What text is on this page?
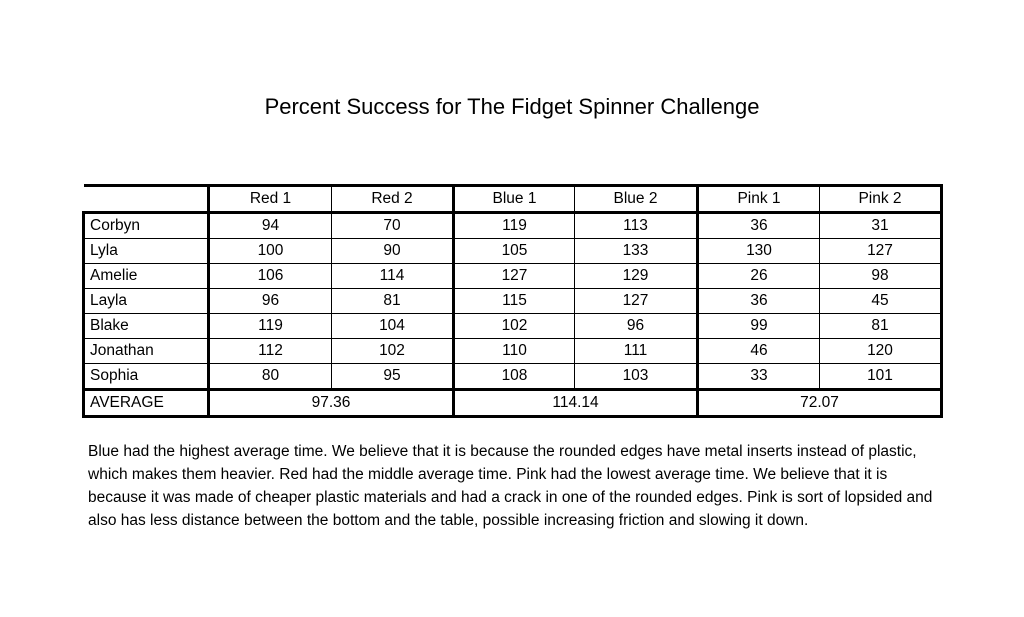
Percent Success for The Fidget Spinner Challenge
	Red 1	Red 2	Blue 1	Blue 2	Pink 1	Pink 2
Corbyn	94	70	119	113	36	31
Lyla	100	90	105	133	130	127
Amelie	106	114	127	129	26	98
Layla	96	81	115	127	36	45
Blake	119	104	102	96	99	81
Jonathan	112	102	110	111	46	120
Sophia	80	95	108	103	33	101
AVERAGE	97.36		114.14		72.07	
Blue had the highest average time. We believe that it is because the rounded edges have metal inserts instead of plastic, which makes them heavier. Red had the middle average time. Pink had the lowest average time. We believe that it is because it was made of cheaper plastic materials and had a crack in one of the rounded edges. Pink is sort of lopsided and also has less distance between the bottom and the table, possible increasing friction and slowing it down.
